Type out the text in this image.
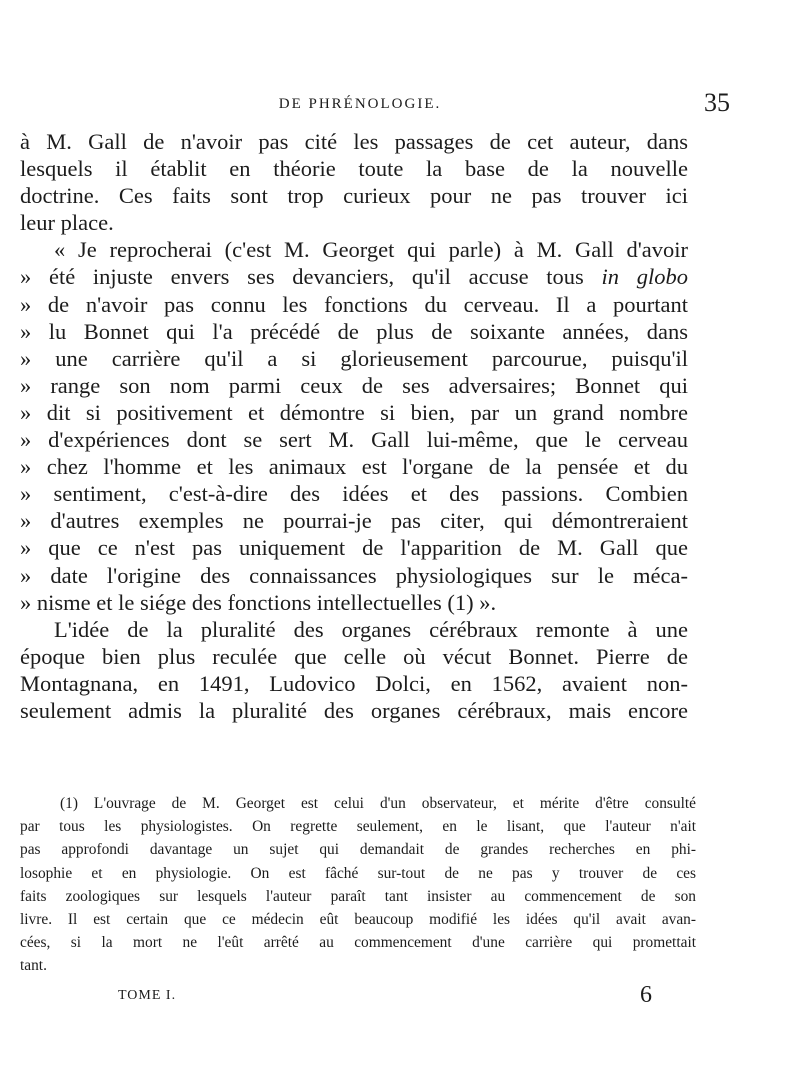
DE PHRÉNOLOGIE.	35
à M. Gall de n'avoir pas cité les passages de cet auteur, dans
lesquels il établit en théorie toute la base de la nouvelle
doctrine. Ces faits sont trop curieux pour ne pas trouver ici
leur place.
« Je reprocherai (c'est M. Georget qui parle) à M. Gall d'avoir
» été injuste envers ses devanciers, qu'il accuse tous in globo
» de n'avoir pas connu les fonctions du cerveau. Il a pourtant
» lu Bonnet qui l'a précédé de plus de soixante années, dans
» une carrière qu'il a si glorieusement parcourue, puisqu'il
» range son nom parmi ceux de ses adversaires; Bonnet qui
» dit si positivement et démontre si bien, par un grand nombre
» d'expériences dont se sert M. Gall lui-même, que le cerveau
» chez l'homme et les animaux est l'organe de la pensée et du
» sentiment, c'est-à-dire des idées et des passions. Combien
» d'autres exemples ne pourrai-je pas citer, qui démontreraient
» que ce n'est pas uniquement de l'apparition de M. Gall que
» date l'origine des connaissances physiologiques sur le méca-
» nisme et le siége des fonctions intellectuelles (1) ».
L'idée de la pluralité des organes cérébraux remonte à une
époque bien plus reculée que celle où vécut Bonnet. Pierre de
Montagnana, en 1491, Ludovico Dolci, en 1562, avaient non-
seulement admis la pluralité des organes cérébraux, mais encore
(1) L'ouvrage de M. Georget est celui d'un observateur, et mérite d'être consulté
par tous les physiologistes. On regrette seulement, en le lisant, que l'auteur n'ait
pas approfondi davantage un sujet qui demandait de grandes recherches en phi-
losophie et en physiologie. On est fâché sur-tout de ne pas y trouver de ces
faits zoologiques sur lesquels l'auteur paraît tant insister au commencement de son
livre. Il est certain que ce médecin eût beaucoup modifié les idées qu'il avait avan-
cées, si la mort ne l'eût arrêté au commencement d'une carrière qui promettait
tant.
TOME I.	6
